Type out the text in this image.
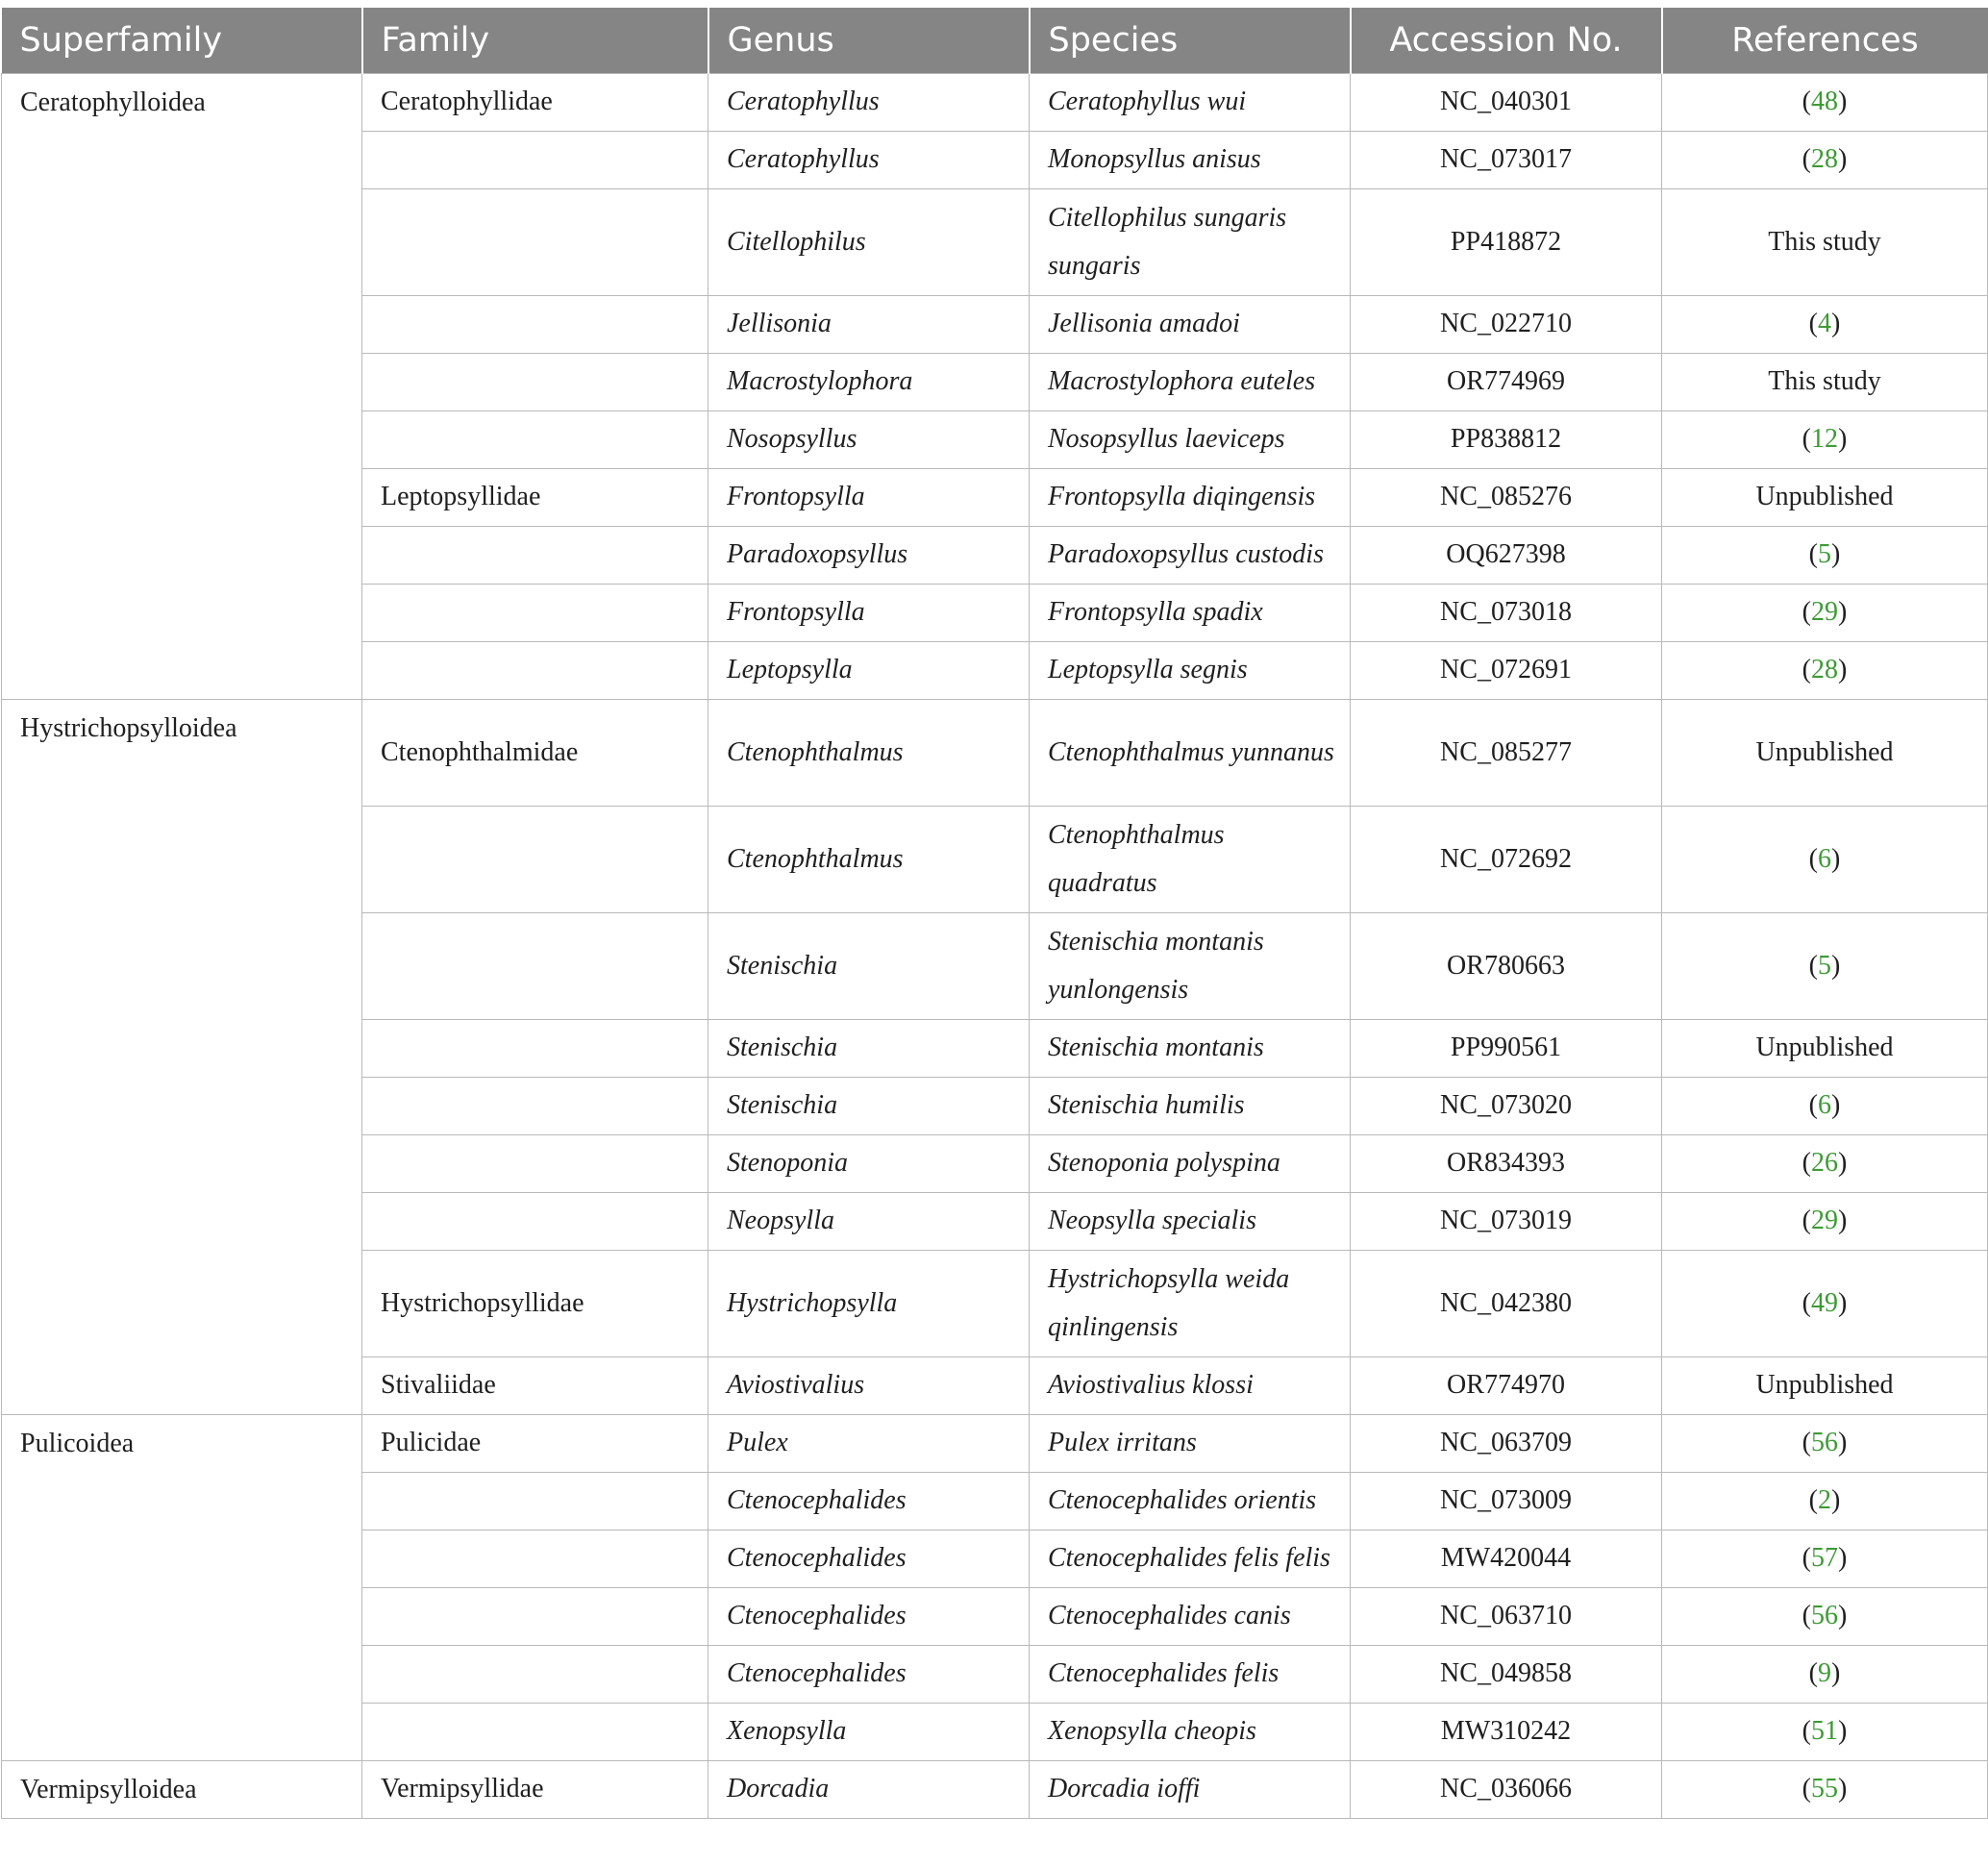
Superfamily	Family	Genus	Species	Accession No.	References
Ceratophylloidea	Ceratophyllidae	Ceratophyllus	Ceratophyllus wui	NC_040301	(48)
		Ceratophyllus	Monopsyllus anisus	NC_073017	(28)
		Citellophilus	Citellophilus sungaris sungaris	PP418872	This study
		Jellisonia	Jellisonia amadoi	NC_022710	(4)
		Macrostylophora	Macrostylophora euteles	OR774969	This study
		Nosopsyllus	Nosopsyllus laeviceps	PP838812	(12)
	Leptopsyllidae	Frontopsylla	Frontopsylla diqingensis	NC_085276	Unpublished
		Paradoxopsyllus	Paradoxopsyllus custodis	OQ627398	(5)
		Frontopsylla	Frontopsylla spadix	NC_073018	(29)
		Leptopsylla	Leptopsylla segnis	NC_072691	(28)
Hystrichopsylloidea	Ctenophthalmidae	Ctenophthalmus	Ctenophthalmus yunnanus	NC_085277	Unpublished
		Ctenophthalmus	Ctenophthalmus quadratus	NC_072692	(6)
		Stenischia	Stenischia montanis yunlongensis	OR780663	(5)
		Stenischia	Stenischia montanis	PP990561	Unpublished
		Stenischia	Stenischia humilis	NC_073020	(6)
		Stenoponia	Stenoponia polyspina	OR834393	(26)
		Neopsylla	Neopsylla specialis	NC_073019	(29)
	Hystrichopsyllidae	Hystrichopsylla	Hystrichopsylla weida qinlingensis	NC_042380	(49)
	Stivaliidae	Aviostivalius	Aviostivalius klossi	OR774970	Unpublished
Pulicoidea	Pulicidae	Pulex	Pulex irritans	NC_063709	(56)
		Ctenocephalides	Ctenocephalides orientis	NC_073009	(2)
		Ctenocephalides	Ctenocephalides felis felis	MW420044	(57)
		Ctenocephalides	Ctenocephalides canis	NC_063710	(56)
		Ctenocephalides	Ctenocephalides felis	NC_049858	(9)
		Xenopsylla	Xenopsylla cheopis	MW310242	(51)
Vermipsylloidea	Vermipsyllidae	Dorcadia	Dorcadia ioffi	NC_036066	(55)
